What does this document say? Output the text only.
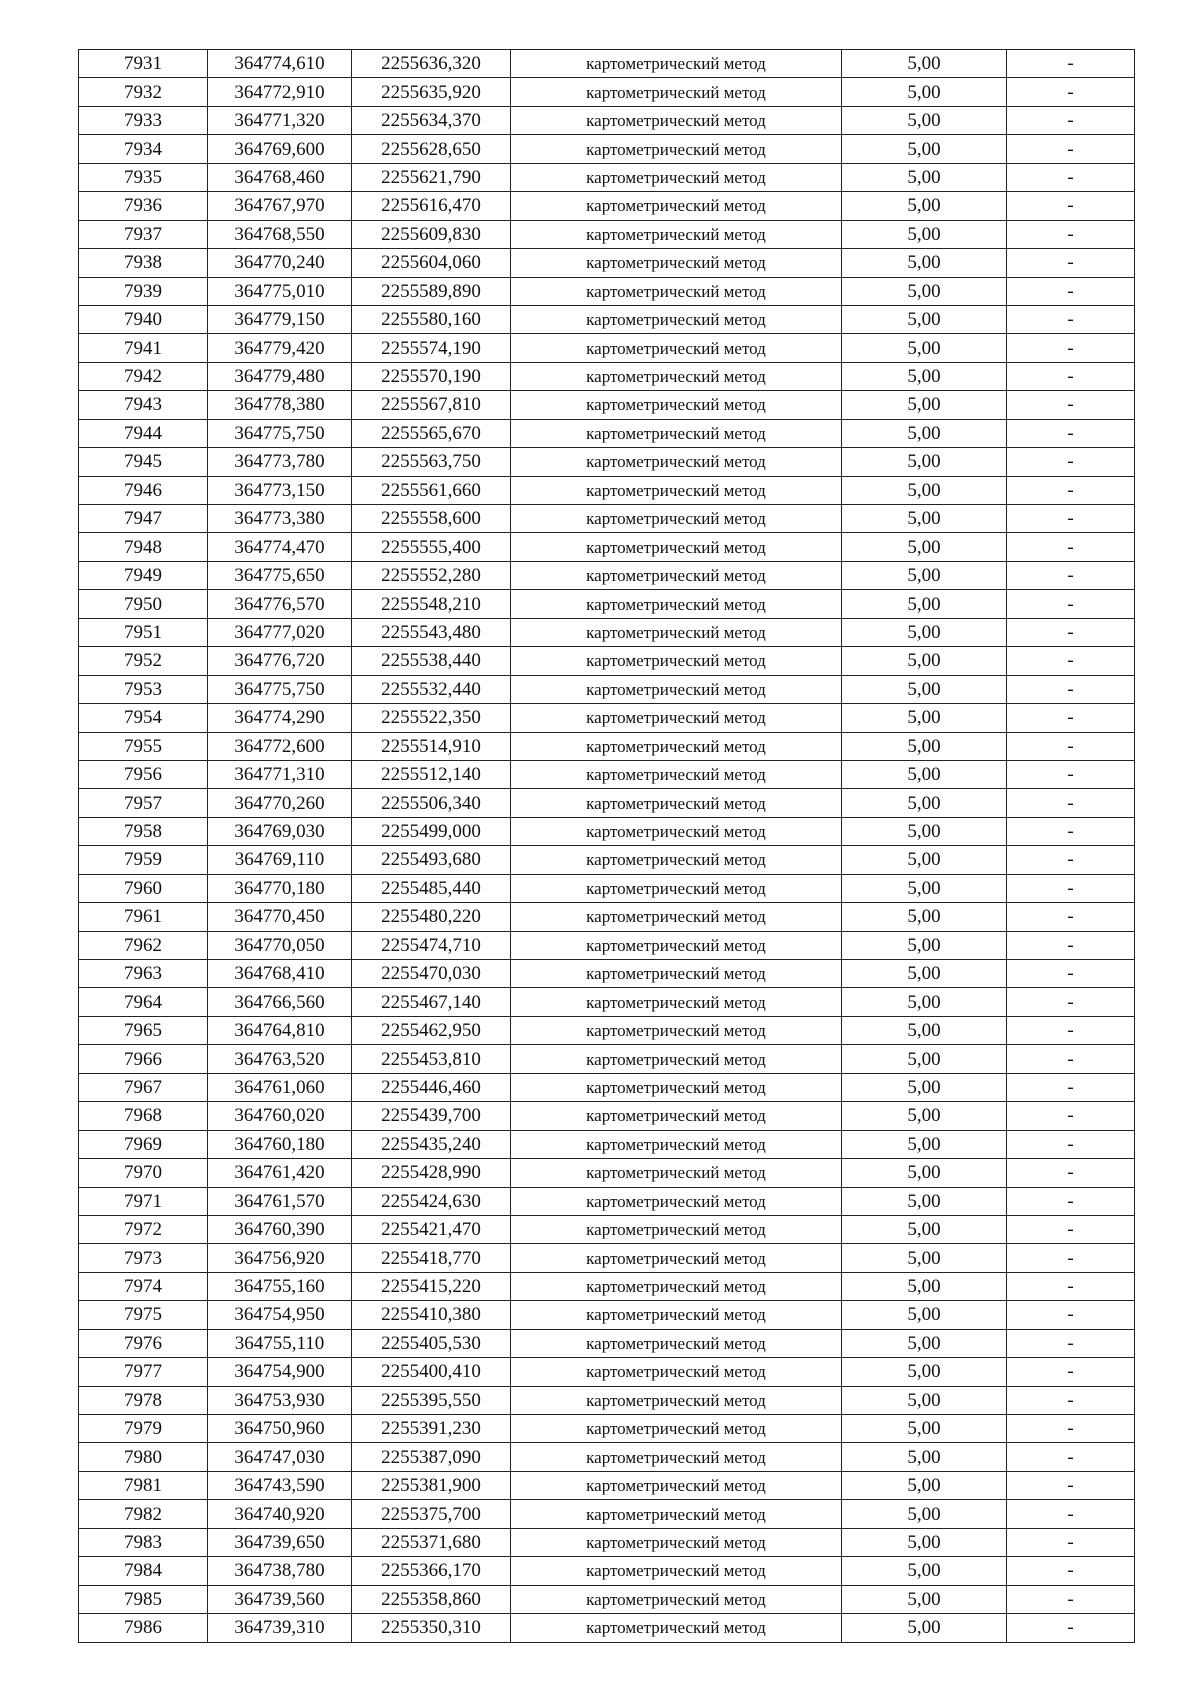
7931	364774,610	2255636,320	картометрический метод	5,00	-
7932	364772,910	2255635,920	картометрический метод	5,00	-
7933	364771,320	2255634,370	картометрический метод	5,00	-
7934	364769,600	2255628,650	картометрический метод	5,00	-
7935	364768,460	2255621,790	картометрический метод	5,00	-
7936	364767,970	2255616,470	картометрический метод	5,00	-
7937	364768,550	2255609,830	картометрический метод	5,00	-
7938	364770,240	2255604,060	картометрический метод	5,00	-
7939	364775,010	2255589,890	картометрический метод	5,00	-
7940	364779,150	2255580,160	картометрический метод	5,00	-
7941	364779,420	2255574,190	картометрический метод	5,00	-
7942	364779,480	2255570,190	картометрический метод	5,00	-
7943	364778,380	2255567,810	картометрический метод	5,00	-
7944	364775,750	2255565,670	картометрический метод	5,00	-
7945	364773,780	2255563,750	картометрический метод	5,00	-
7946	364773,150	2255561,660	картометрический метод	5,00	-
7947	364773,380	2255558,600	картометрический метод	5,00	-
7948	364774,470	2255555,400	картометрический метод	5,00	-
7949	364775,650	2255552,280	картометрический метод	5,00	-
7950	364776,570	2255548,210	картометрический метод	5,00	-
7951	364777,020	2255543,480	картометрический метод	5,00	-
7952	364776,720	2255538,440	картометрический метод	5,00	-
7953	364775,750	2255532,440	картометрический метод	5,00	-
7954	364774,290	2255522,350	картометрический метод	5,00	-
7955	364772,600	2255514,910	картометрический метод	5,00	-
7956	364771,310	2255512,140	картометрический метод	5,00	-
7957	364770,260	2255506,340	картометрический метод	5,00	-
7958	364769,030	2255499,000	картометрический метод	5,00	-
7959	364769,110	2255493,680	картометрический метод	5,00	-
7960	364770,180	2255485,440	картометрический метод	5,00	-
7961	364770,450	2255480,220	картометрический метод	5,00	-
7962	364770,050	2255474,710	картометрический метод	5,00	-
7963	364768,410	2255470,030	картометрический метод	5,00	-
7964	364766,560	2255467,140	картометрический метод	5,00	-
7965	364764,810	2255462,950	картометрический метод	5,00	-
7966	364763,520	2255453,810	картометрический метод	5,00	-
7967	364761,060	2255446,460	картометрический метод	5,00	-
7968	364760,020	2255439,700	картометрический метод	5,00	-
7969	364760,180	2255435,240	картометрический метод	5,00	-
7970	364761,420	2255428,990	картометрический метод	5,00	-
7971	364761,570	2255424,630	картометрический метод	5,00	-
7972	364760,390	2255421,470	картометрический метод	5,00	-
7973	364756,920	2255418,770	картометрический метод	5,00	-
7974	364755,160	2255415,220	картометрический метод	5,00	-
7975	364754,950	2255410,380	картометрический метод	5,00	-
7976	364755,110	2255405,530	картометрический метод	5,00	-
7977	364754,900	2255400,410	картометрический метод	5,00	-
7978	364753,930	2255395,550	картометрический метод	5,00	-
7979	364750,960	2255391,230	картометрический метод	5,00	-
7980	364747,030	2255387,090	картометрический метод	5,00	-
7981	364743,590	2255381,900	картометрический метод	5,00	-
7982	364740,920	2255375,700	картометрический метод	5,00	-
7983	364739,650	2255371,680	картометрический метод	5,00	-
7984	364738,780	2255366,170	картометрический метод	5,00	-
7985	364739,560	2255358,860	картометрический метод	5,00	-
7986	364739,310	2255350,310	картометрический метод	5,00	-
